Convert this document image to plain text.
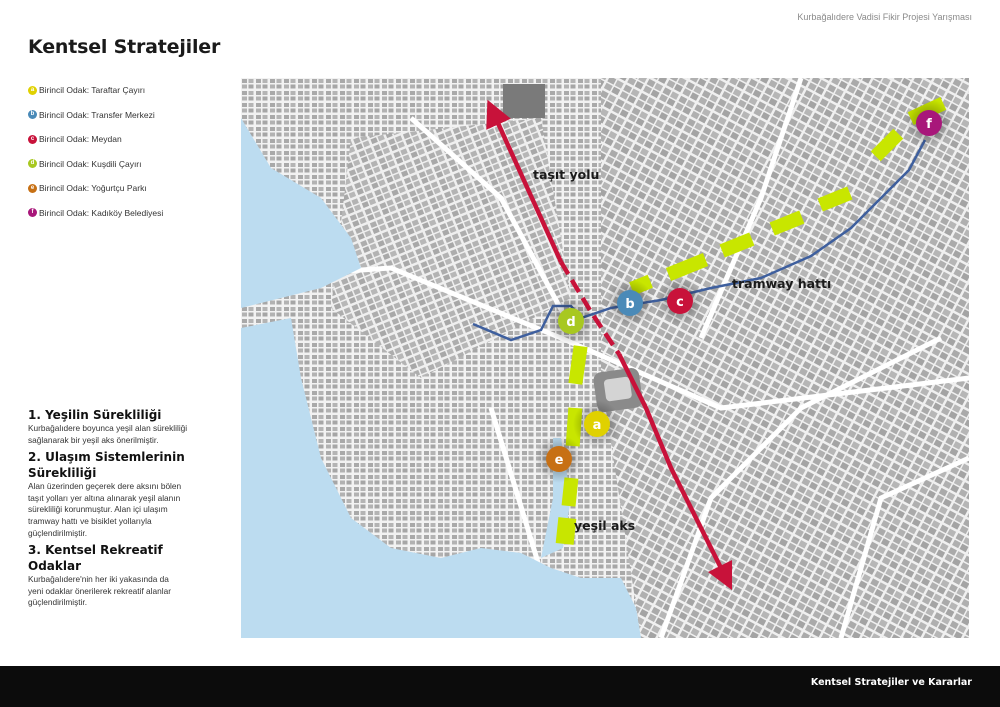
Kurbağalıdere Vadisi Fikir Projesi Yarışması
Kentsel Stratejiler
a Birincil Odak: Taraftar Çayırı
b Birincil Odak: Transfer Merkezi
c Birincil Odak: Meydan
d Birincil Odak: Kuşdili Çayırı
e Birincil Odak: Yoğurtçu Parkı
f Birincil Odak: Kadıköy Belediyesi
1. Yeşilin Sürekliliği
Kurbağalıdere boyunca yeşil alan sürekliliği
sağlanarak bir yeşil aks önerilmiştir.
2. Ulaşım Sistemlerinin
Sürekliliği
Alan üzerinden geçerek dere aksını bölen
taşıt yolları yer altına alınarak yeşil alanın
sürekliliği korunmuştur. Alan içi ulaşım
tramway hattı ve bisiklet yollarıyla
güçlendirilmiştir.
3. Kentsel Rekreatif
Odaklar
Kurbağalıdere'nin her iki yakasında da
yeni odaklar önerilerek rekreatif alanlar
güçlendirilmiştir.
taşıt yolu
tramway hattı
yeşil aks
a
b	c
d
e
f
Kentsel Stratejiler ve Kararlar
